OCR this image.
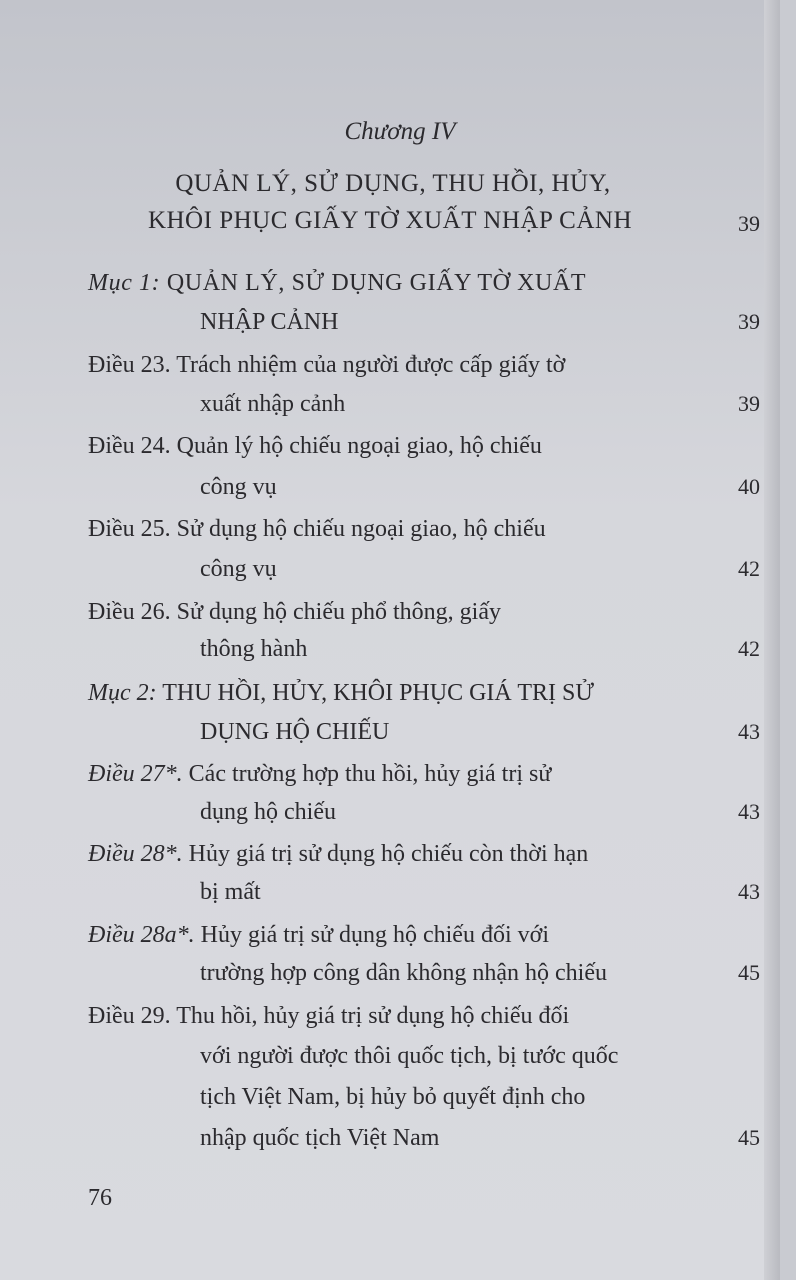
Chương IV
QUẢN LÝ, SỬ DỤNG, THU HỒI, HỦY,
KHÔI PHỤC GIẤY TỜ XUẤT NHẬP CẢNH	39
Mục 1: QUẢN LÝ, SỬ DỤNG GIẤY TỜ XUẤT
NHẬP CẢNH	39
Điều 23. Trách nhiệm của người được cấp giấy tờ
xuất nhập cảnh	39
Điều 24. Quản lý hộ chiếu ngoại giao, hộ chiếu
công vụ	40
Điều 25. Sử dụng hộ chiếu ngoại giao, hộ chiếu
công vụ	42
Điều 26. Sử dụng hộ chiếu phổ thông, giấy
thông hành	42
Mục 2: THU HỒI, HỦY, KHÔI PHỤC GIÁ TRỊ SỬ
DỤNG HỘ CHIẾU	43
Điều 27*. Các trường hợp thu hồi, hủy giá trị sử
dụng hộ chiếu	43
Điều 28*. Hủy giá trị sử dụng hộ chiếu còn thời hạn
bị mất	43
Điều 28a*. Hủy giá trị sử dụng hộ chiếu đối với
trường hợp công dân không nhận hộ chiếu	45
Điều 29. Thu hồi, hủy giá trị sử dụng hộ chiếu đối
với người được thôi quốc tịch, bị tước quốc
tịch Việt Nam, bị hủy bỏ quyết định cho
nhập quốc tịch Việt Nam	45
76
